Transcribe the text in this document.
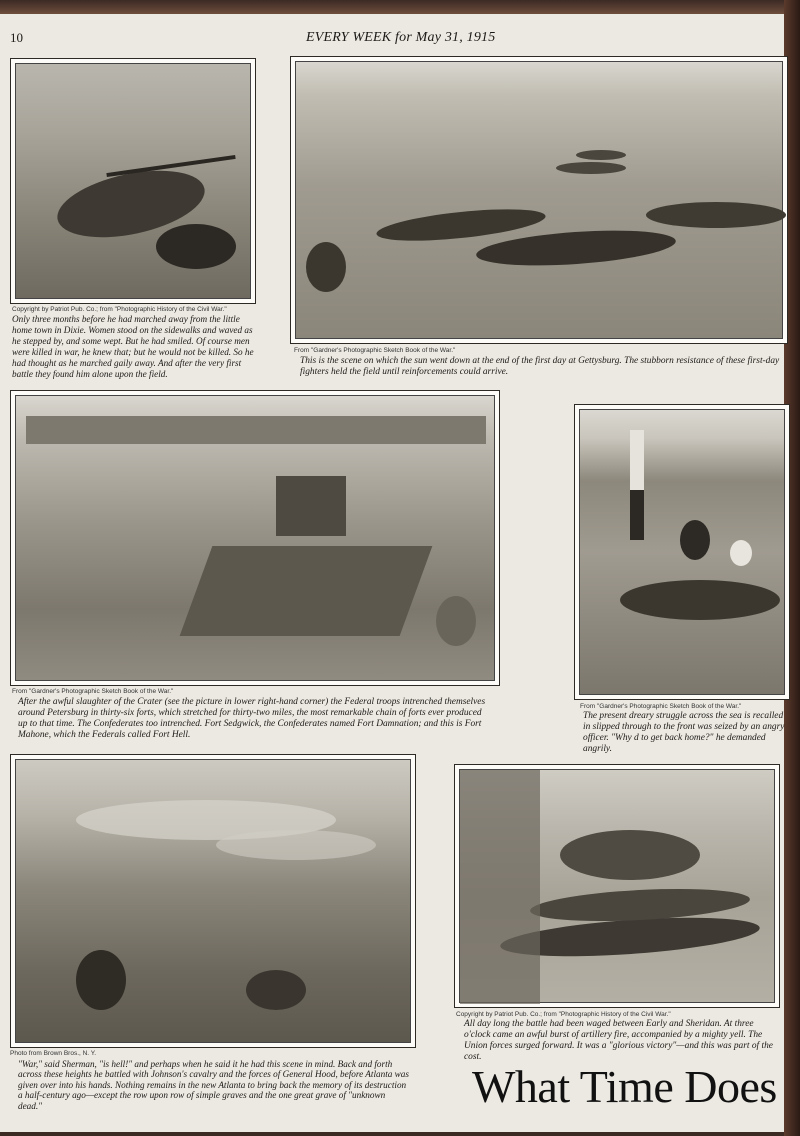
10	EVERY WEEK for May 31, 1915
Copyright by Patriot Pub. Co.; from "Photographic History of the Civil War."
Only three months before he had marched away from the little home town in Dixie. Women stood on the sidewalks and waved as he stepped by, and some wept. But he had smiled. Of course men were killed in war, he knew that; but he would not be killed. So he had thought as he marched gaily away. And after the very first battle they found him alone upon the field.
From "Gardner's Photographic Sketch Book of the War."
This is the scene on which the sun went down at the end of the first day at Gettysburg. The stubborn resistance of these first-day fighters held the field until reinforcements could arrive.
From "Gardner's Photographic Sketch Book of the War."
After the awful slaughter of the Crater (see the picture in lower right-hand corner) the Federal troops intrenched themselves around Petersburg in thirty-six forts, which stretched for thirty-two miles, the most remarkable chain of forts ever produced up to that time. The Confederates too intrenched. Fort Sedgwick, the Confederates named Fort Damnation; and this is Fort Mahone, which the Federals called Fort Hell.
From "Gardner's Photographic Sketch Book of the War."
The present dreary struggle across the sea is recalled in slipped through to the front was seized by an angry officer. "Why d to get back home?" he demanded angrily.
Photo from Brown Bros., N. Y.
"War," said Sherman, "is hell!" and perhaps when he said it he had this scene in mind. Back and forth across these heights he battled with Johnson's cavalry and the forces of General Hood, before Atlanta was given over into his hands. Nothing remains in the new Atlanta to bring back the memory of its destruction a half-century ago—except the row upon row of simple graves and the one great grave of "unknown dead."
Copyright by Patriot Pub. Co.; from "Photographic History of the Civil War."
All day long the battle had been waged between Early and Sheridan. At three o'clock came an awful burst of artillery fire, accompanied by a mighty yell. The Union forces surged forward. It was a "glorious victory"—and this was part of the cost.
What Time Does
